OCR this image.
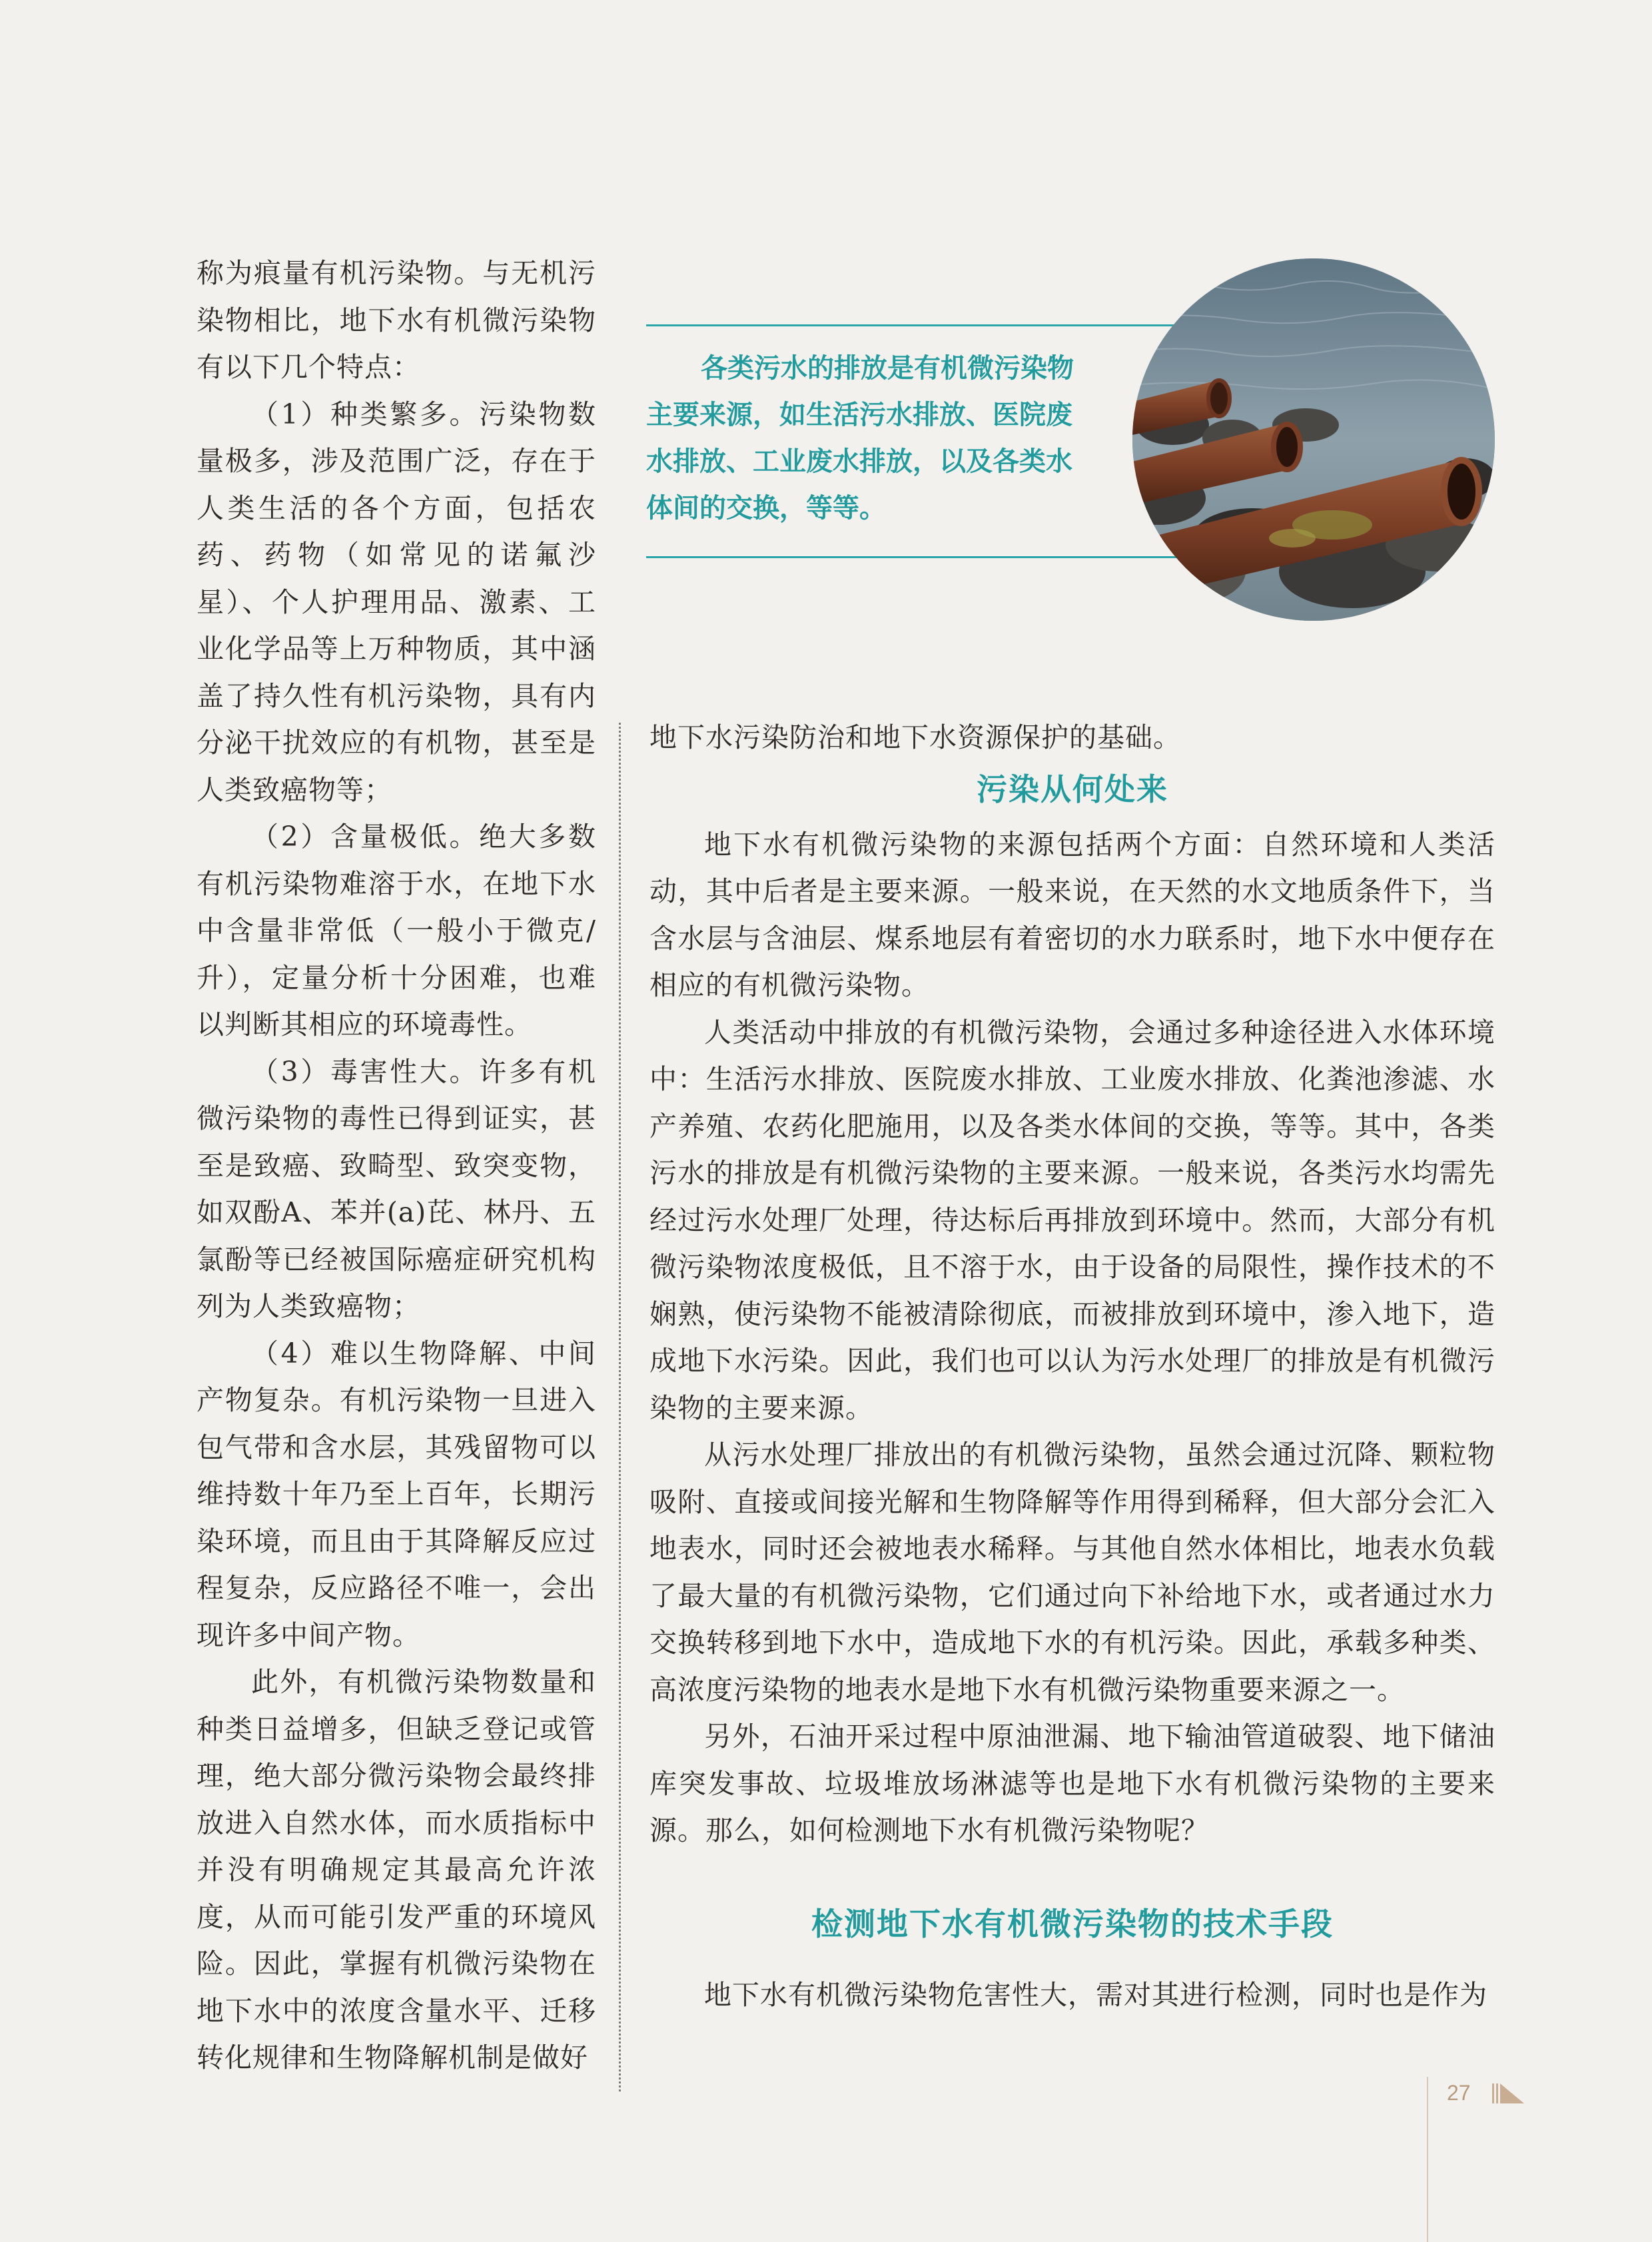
称为痕量有机污染物。与无机污染物相比，地下水有机微污染物有以下几个特点：

（1）种类繁多。污染物数量极多，涉及范围广泛，存在于人类生活的各个方面，包括农药、药物（如常见的诺氟沙星）、个人护理用品、激素、工业化学品等上万种物质，其中涵盖了持久性有机污染物，具有内分泌干扰效应的有机物，甚至是人类致癌物等；

（2）含量极低。绝大多数有机污染物难溶于水，在地下水中含量非常低（一般小于微克/升），定量分析十分困难，也难以判断其相应的环境毒性。

（3）毒害性大。许多有机微污染物的毒性已得到证实，甚至是致癌、致畸型、致突变物，如双酚A、苯并(a)芘、林丹、五氯酚等已经被国际癌症研究机构列为人类致癌物；

（4）难以生物降解、中间产物复杂。有机污染物一旦进入包气带和含水层，其残留物可以维持数十年乃至上百年，长期污染环境，而且由于其降解反应过程复杂，反应路径不唯一，会出现许多中间产物。

此外，有机微污染物数量和种类日益增多，但缺乏登记或管理，绝大部分微污染物会最终排放进入自然水体，而水质指标中并没有明确规定其最高允许浓度，从而可能引发严重的环境风险。因此，掌握有机微污染物在地下水中的浓度含量水平、迁移转化规律和生物降解机制是做好

各类污水的排放是有机微污染物主要来源，如生活污水排放、医院废水排放、工业废水排放，以及各类水体间的交换，等等。

地下水污染防治和地下水资源保护的基础。

污染从何处来

地下水有机微污染物的来源包括两个方面：自然环境和人类活动，其中后者是主要来源。一般来说，在天然的水文地质条件下，当含水层与含油层、煤系地层有着密切的水力联系时，地下水中便存在相应的有机微污染物。

人类活动中排放的有机微污染物，会通过多种途径进入水体环境中：生活污水排放、医院废水排放、工业废水排放、化粪池渗滤、水产养殖、农药化肥施用，以及各类水体间的交换，等等。其中，各类污水的排放是有机微污染物的主要来源。一般来说，各类污水均需先经过污水处理厂处理，待达标后再排放到环境中。然而，大部分有机微污染物浓度极低，且不溶于水，由于设备的局限性，操作技术的不娴熟，使污染物不能被清除彻底，而被排放到环境中，渗入地下，造成地下水污染。因此，我们也可以认为污水处理厂的排放是有机微污染物的主要来源。

从污水处理厂排放出的有机微污染物，虽然会通过沉降、颗粒物吸附、直接或间接光解和生物降解等作用得到稀释，但大部分会汇入地表水，同时还会被地表水稀释。与其他自然水体相比，地表水负载了最大量的有机微污染物，它们通过向下补给地下水，或者通过水力交换转移到地下水中，造成地下水的有机污染。因此，承载多种类、高浓度污染物的地表水是地下水有机微污染物重要来源之一。

另外，石油开采过程中原油泄漏、地下输油管道破裂、地下储油库突发事故、垃圾堆放场淋滤等也是地下水有机微污染物的主要来源。那么，如何检测地下水有机微污染物呢？

检测地下水有机微污染物的技术手段

地下水有机微污染物危害性大，需对其进行检测，同时也是作为

27
